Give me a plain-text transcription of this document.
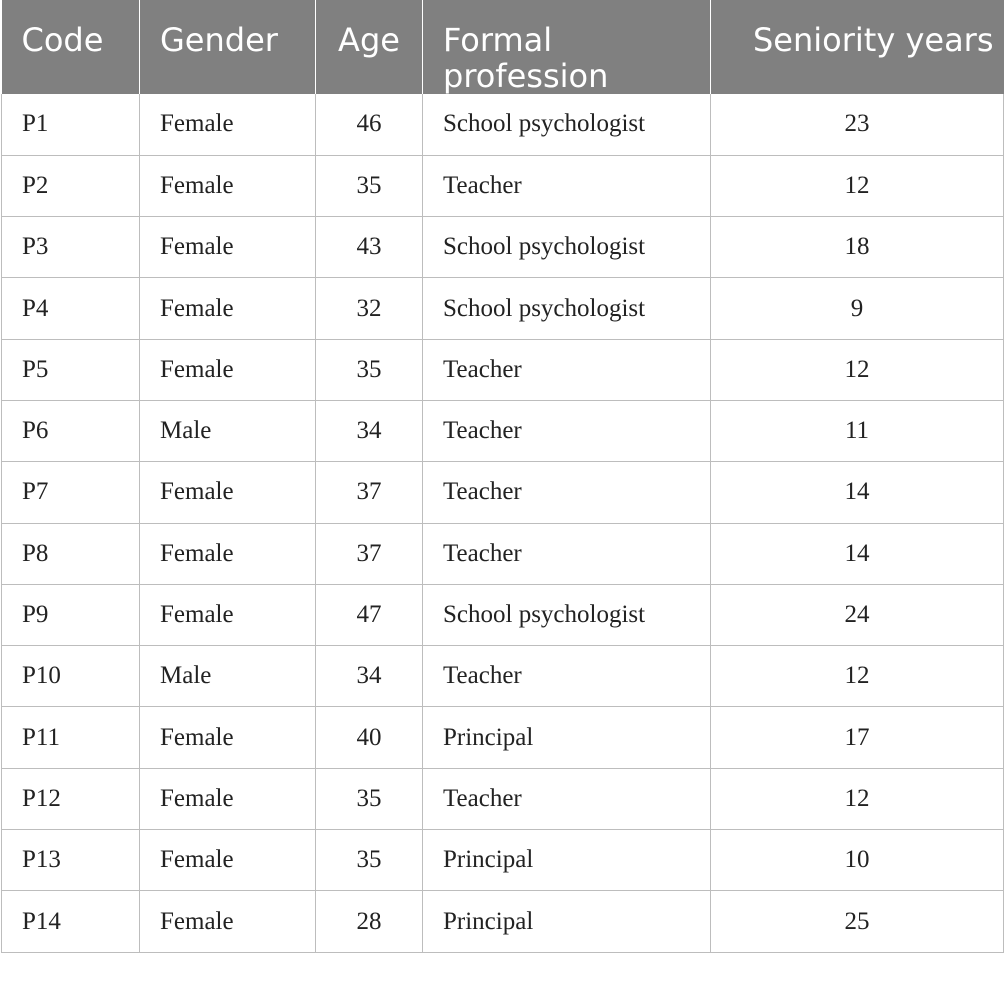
Code	Gender	Age	Formal profession	Seniority years
P1	Female	46	School psychologist	23
P2	Female	35	Teacher	12
P3	Female	43	School psychologist	18
P4	Female	32	School psychologist	9
P5	Female	35	Teacher	12
P6	Male	34	Teacher	11
P7	Female	37	Teacher	14
P8	Female	37	Teacher	14
P9	Female	47	School psychologist	24
P10	Male	34	Teacher	12
P11	Female	40	Principal	17
P12	Female	35	Teacher	12
P13	Female	35	Principal	10
P14	Female	28	Principal	25
